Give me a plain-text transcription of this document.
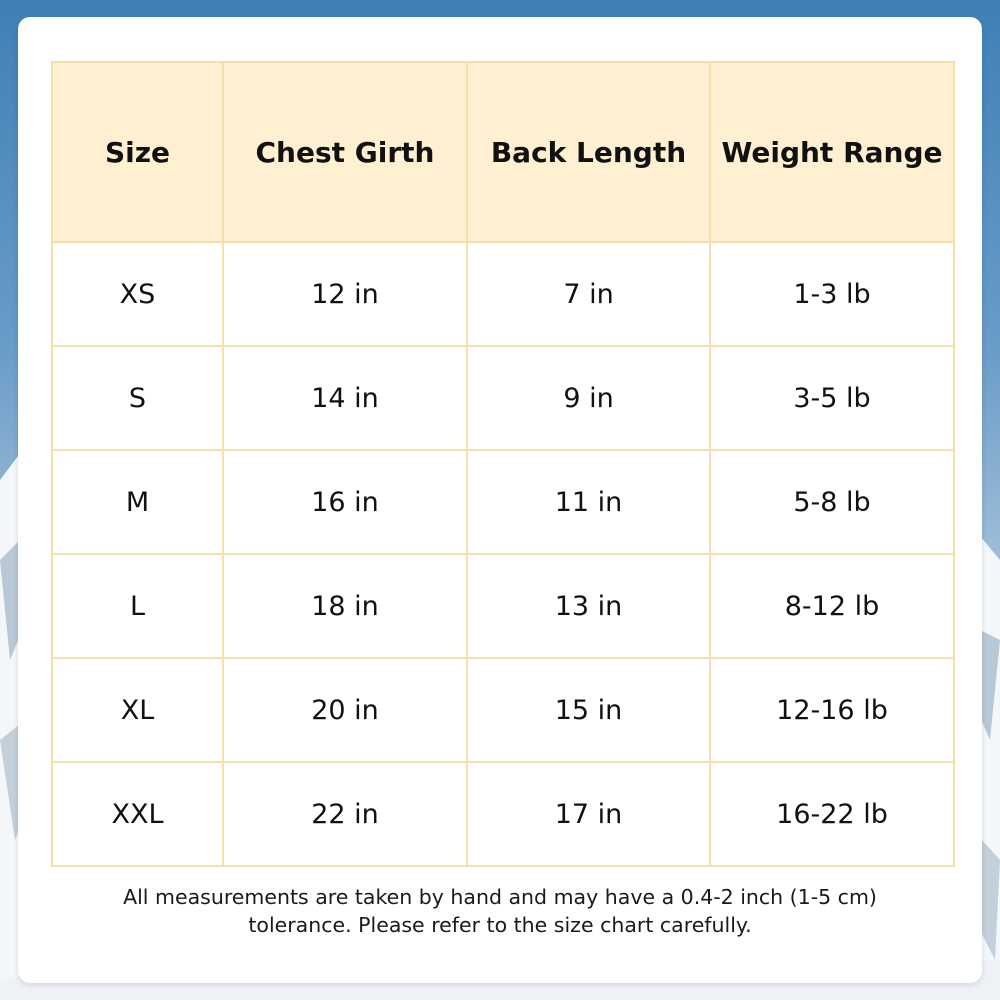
Size	Chest Girth	Back Length	Weight Range
XS	12 in	7 in	1-3 lb
S	14 in	9 in	3-5 lb
M	16 in	11 in	5-8 lb
L	18 in	13 in	8-12 lb
XL	20 in	15 in	12-16 lb
XXL	22 in	17 in	16-22 lb
All measurements are taken by hand and may have a 0.4-2 inch (1-5 cm)
tolerance. Please refer to the size chart carefully.
